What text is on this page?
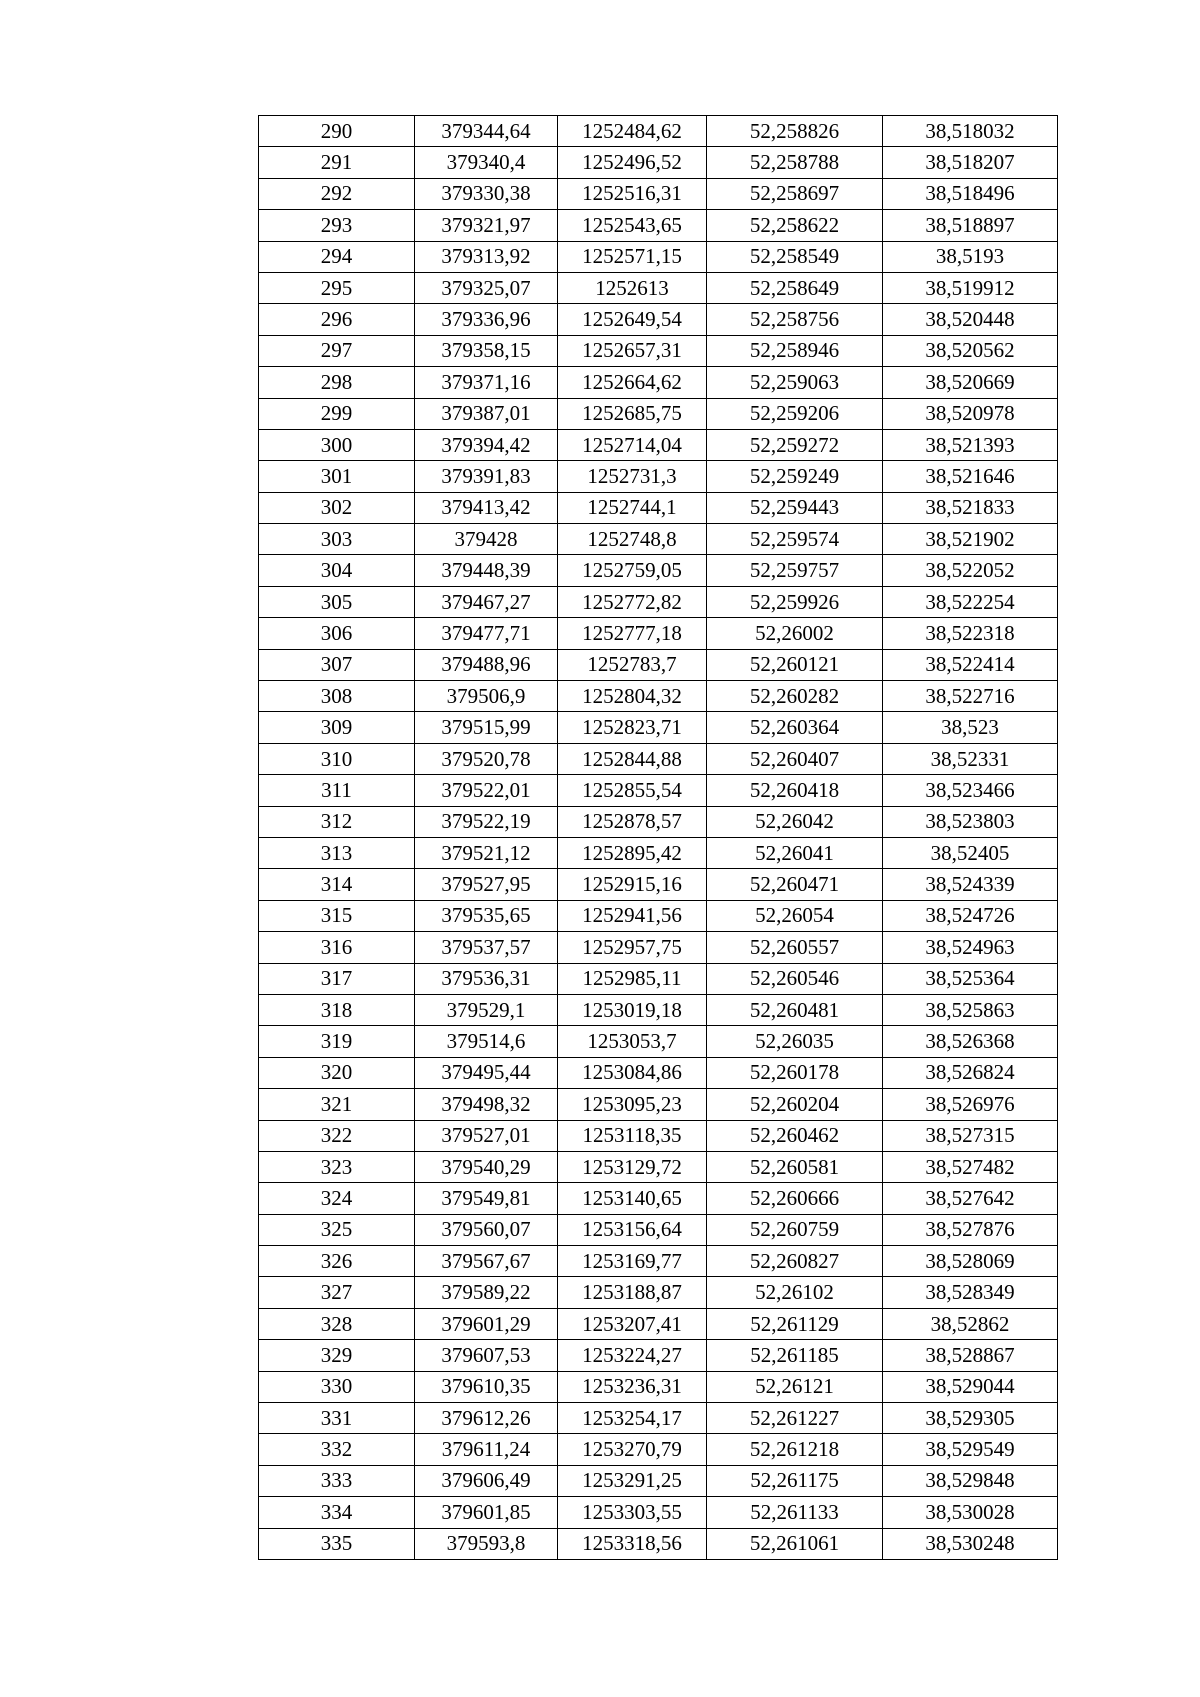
290	379344,64	1252484,62	52,258826	38,518032
291	379340,4	1252496,52	52,258788	38,518207
292	379330,38	1252516,31	52,258697	38,518496
293	379321,97	1252543,65	52,258622	38,518897
294	379313,92	1252571,15	52,258549	38,5193
295	379325,07	1252613	52,258649	38,519912
296	379336,96	1252649,54	52,258756	38,520448
297	379358,15	1252657,31	52,258946	38,520562
298	379371,16	1252664,62	52,259063	38,520669
299	379387,01	1252685,75	52,259206	38,520978
300	379394,42	1252714,04	52,259272	38,521393
301	379391,83	1252731,3	52,259249	38,521646
302	379413,42	1252744,1	52,259443	38,521833
303	379428	1252748,8	52,259574	38,521902
304	379448,39	1252759,05	52,259757	38,522052
305	379467,27	1252772,82	52,259926	38,522254
306	379477,71	1252777,18	52,26002	38,522318
307	379488,96	1252783,7	52,260121	38,522414
308	379506,9	1252804,32	52,260282	38,522716
309	379515,99	1252823,71	52,260364	38,523
310	379520,78	1252844,88	52,260407	38,52331
311	379522,01	1252855,54	52,260418	38,523466
312	379522,19	1252878,57	52,26042	38,523803
313	379521,12	1252895,42	52,26041	38,52405
314	379527,95	1252915,16	52,260471	38,524339
315	379535,65	1252941,56	52,26054	38,524726
316	379537,57	1252957,75	52,260557	38,524963
317	379536,31	1252985,11	52,260546	38,525364
318	379529,1	1253019,18	52,260481	38,525863
319	379514,6	1253053,7	52,26035	38,526368
320	379495,44	1253084,86	52,260178	38,526824
321	379498,32	1253095,23	52,260204	38,526976
322	379527,01	1253118,35	52,260462	38,527315
323	379540,29	1253129,72	52,260581	38,527482
324	379549,81	1253140,65	52,260666	38,527642
325	379560,07	1253156,64	52,260759	38,527876
326	379567,67	1253169,77	52,260827	38,528069
327	379589,22	1253188,87	52,26102	38,528349
328	379601,29	1253207,41	52,261129	38,52862
329	379607,53	1253224,27	52,261185	38,528867
330	379610,35	1253236,31	52,26121	38,529044
331	379612,26	1253254,17	52,261227	38,529305
332	379611,24	1253270,79	52,261218	38,529549
333	379606,49	1253291,25	52,261175	38,529848
334	379601,85	1253303,55	52,261133	38,530028
335	379593,8	1253318,56	52,261061	38,530248
